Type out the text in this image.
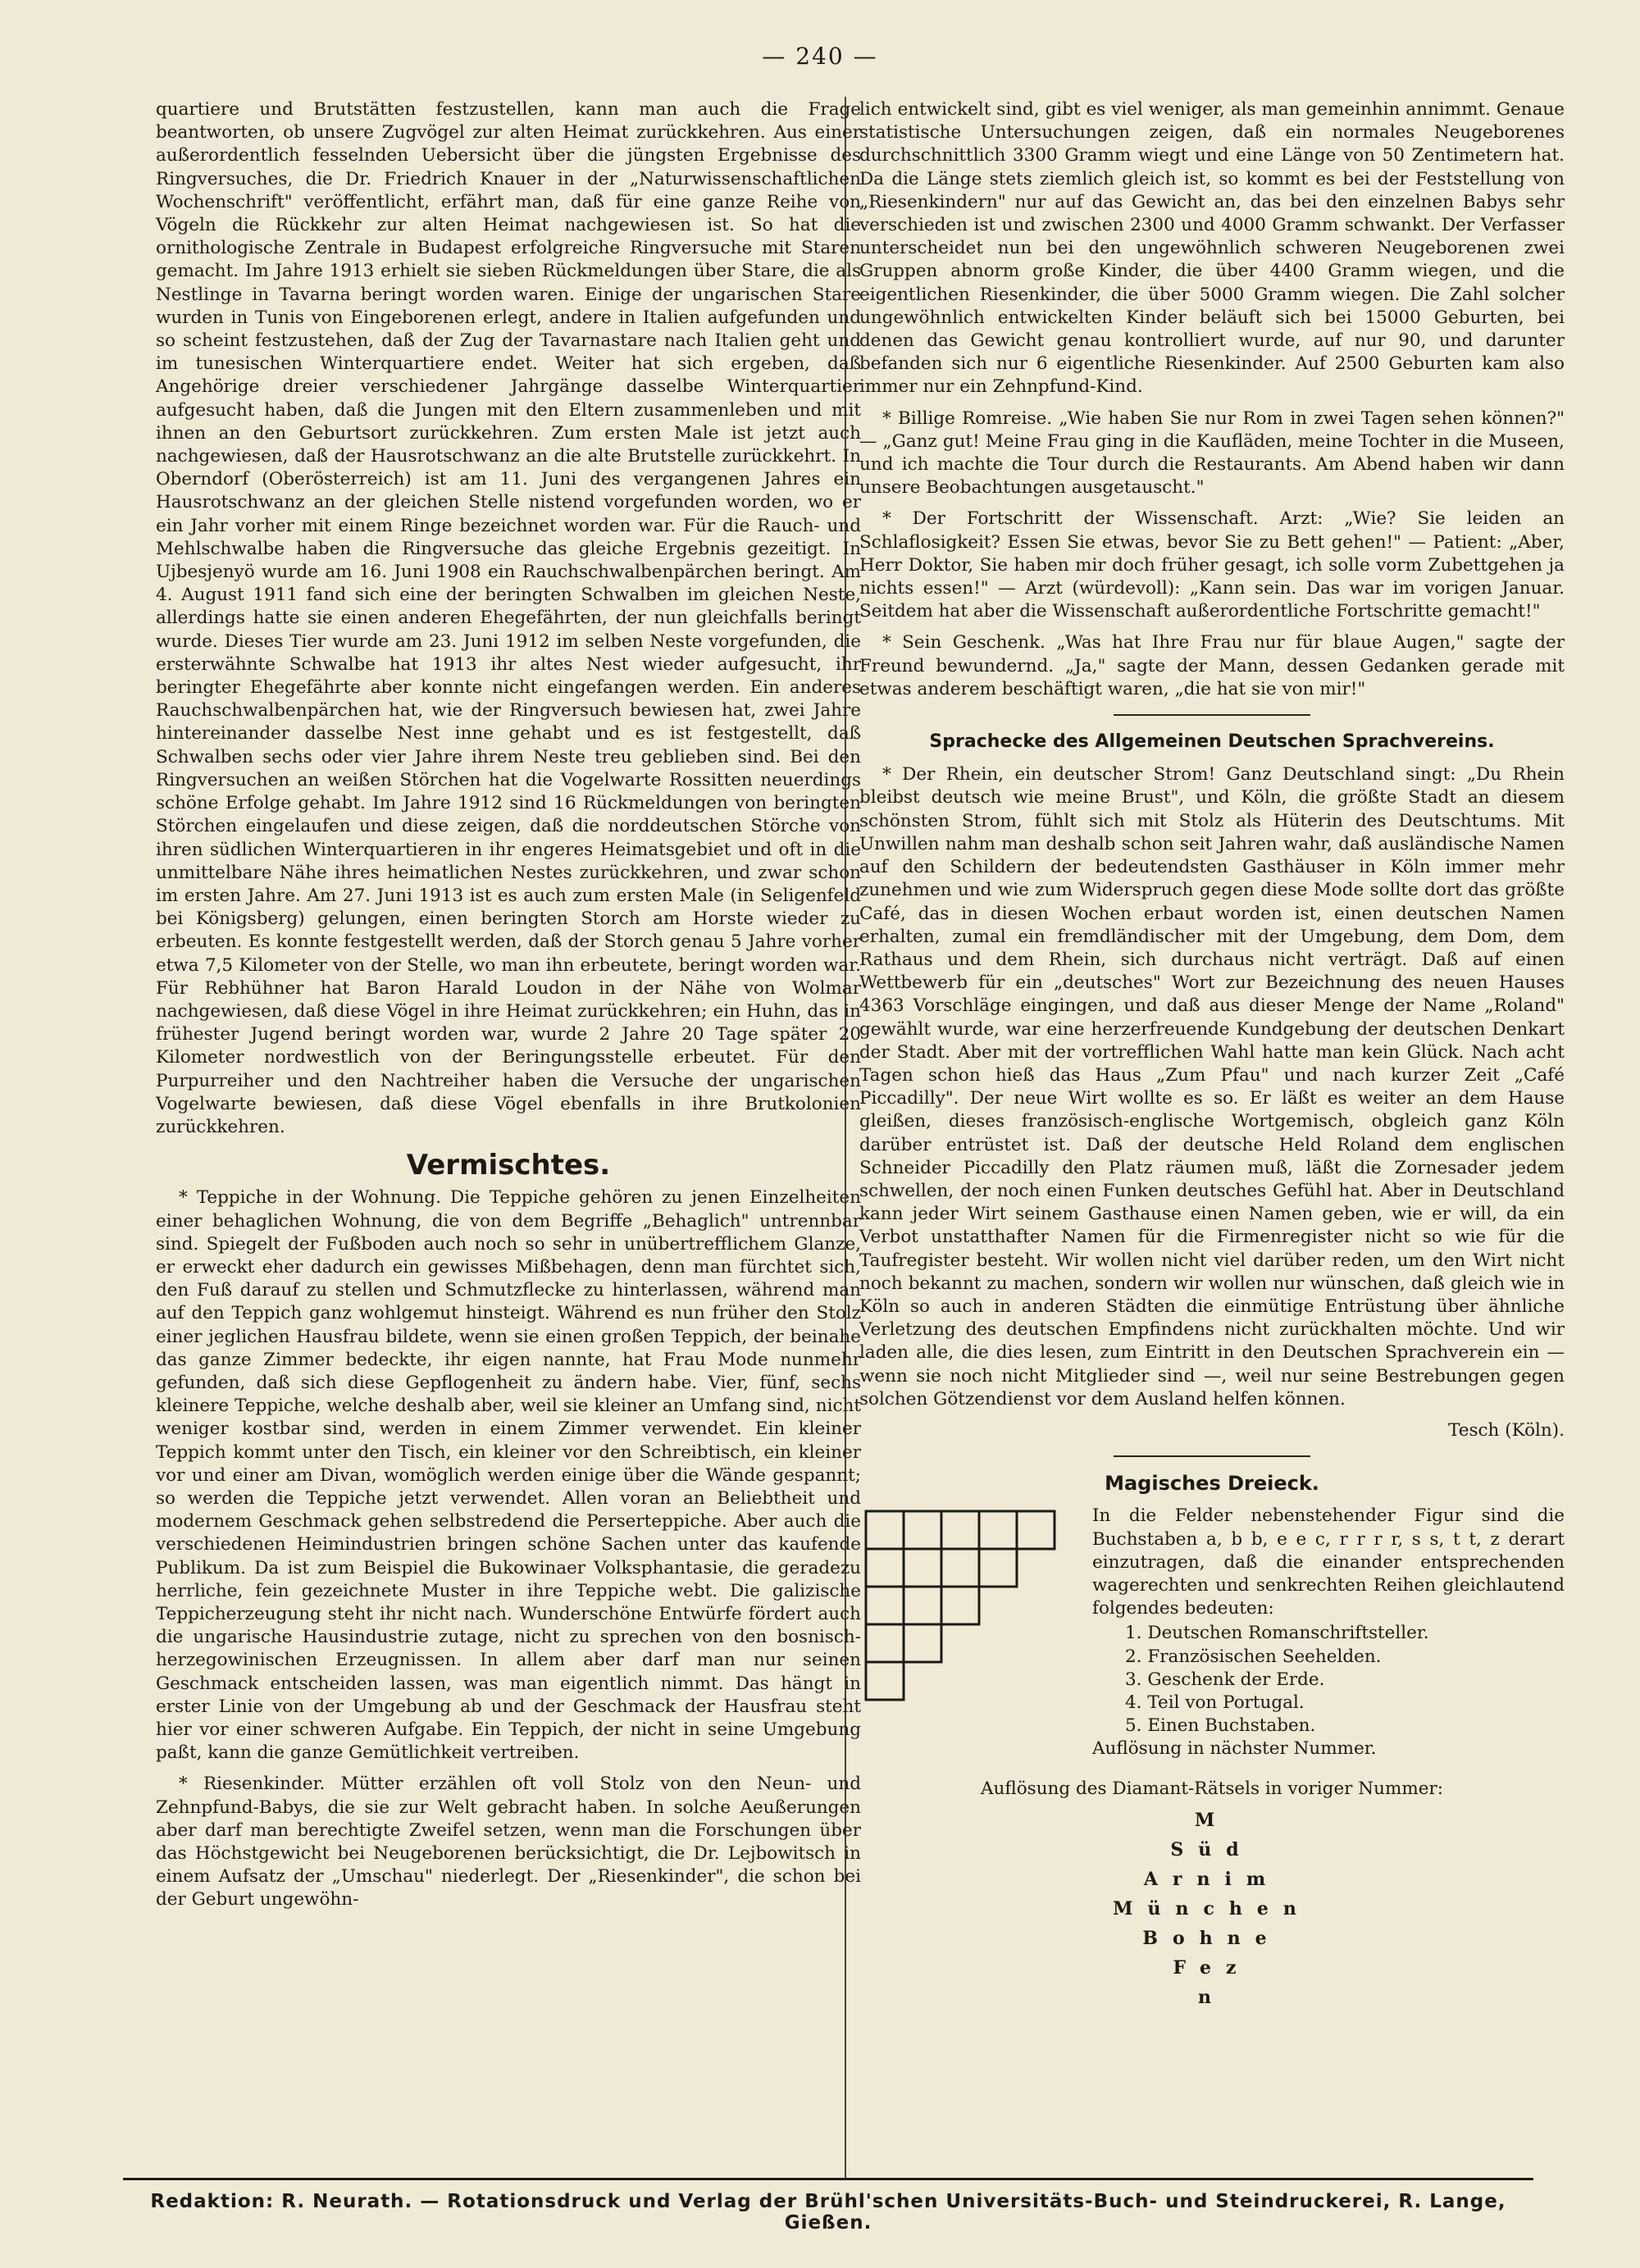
— 240 —

quartiere und Brutstätten festzustellen, kann man auch die Frage beantworten, ob unsere Zugvögel zur alten Heimat zurückkehren. Aus einer außerordentlich fesselnden Uebersicht über die jüngsten Ergebnisse des Ringversuches, die Dr. Friedrich Knauer in der „Naturwissenschaftlichen Wochenschrift" veröffentlicht, erfährt man, daß für eine ganze Reihe von Vögeln die Rückkehr zur alten Heimat nachgewiesen ist. So hat die ornithologische Zentrale in Budapest erfolgreiche Ringversuche mit Staren gemacht. Im Jahre 1913 erhielt sie sieben Rückmeldungen über Stare, die als Nestlinge in Tavarna beringt worden waren. Einige der ungarischen Stare wurden in Tunis von Eingeborenen erlegt, andere in Italien aufgefunden und so scheint festzustehen, daß der Zug der Tavarnastare nach Italien geht und im tunesischen Winterquartiere endet. Weiter hat sich ergeben, daß Angehörige dreier verschiedener Jahrgänge dasselbe Winterquartier aufgesucht haben, daß die Jungen mit den Eltern zusammenleben und mit ihnen an den Geburtsort zurückkehren. Zum ersten Male ist jetzt auch nachgewiesen, daß der Hausrotschwanz an die alte Brutstelle zurückkehrt. In Oberndorf (Oberösterreich) ist am 11. Juni des vergangenen Jahres ein Hausrotschwanz an der gleichen Stelle nistend vorgefunden worden, wo er ein Jahr vorher mit einem Ringe bezeichnet worden war. Für die Rauch- und Mehlschwalbe haben die Ringversuche das gleiche Ergebnis gezeitigt. In Ujbesjenyö wurde am 16. Juni 1908 ein Rauchschwalbenpärchen beringt. Am 4. August 1911 fand sich eine der beringten Schwalben im gleichen Neste, allerdings hatte sie einen anderen Ehegefährten, der nun gleichfalls beringt wurde. Dieses Tier wurde am 23. Juni 1912 im selben Neste vorgefunden, die ersterwähnte Schwalbe hat 1913 ihr altes Nest wieder aufgesucht, ihr beringter Ehegefährte aber konnte nicht eingefangen werden. Ein anderes Rauchschwalbenpärchen hat, wie der Ringversuch bewiesen hat, zwei Jahre hintereinander dasselbe Nest inne gehabt und es ist festgestellt, daß Schwalben sechs oder vier Jahre ihrem Neste treu geblieben sind. Bei den Ringversuchen an weißen Störchen hat die Vogelwarte Rossitten neuerdings schöne Erfolge gehabt. Im Jahre 1912 sind 16 Rückmeldungen von beringten Störchen eingelaufen und diese zeigen, daß die norddeutschen Störche von ihren südlichen Winterquartieren in ihr engeres Heimatsgebiet und oft in die unmittelbare Nähe ihres heimatlichen Nestes zurückkehren, und zwar schon im ersten Jahre. Am 27. Juni 1913 ist es auch zum ersten Male (in Seligenfeld bei Königsberg) gelungen, einen beringten Storch am Horste wieder zu erbeuten. Es konnte festgestellt werden, daß der Storch genau 5 Jahre vorher etwa 7,5 Kilometer von der Stelle, wo man ihn erbeutete, beringt worden war. Für Rebhühner hat Baron Harald Loudon in der Nähe von Wolmar nachgewiesen, daß diese Vögel in ihre Heimat zurückkehren; ein Huhn, das in frühester Jugend beringt worden war, wurde 2 Jahre 20 Tage später 20 Kilometer nordwestlich von der Beringungsstelle erbeutet. Für den Purpurreiher und den Nachtreiher haben die Versuche der ungarischen Vogelwarte bewiesen, daß diese Vögel ebenfalls in ihre Brutkolonien zurückkehren.

Vermischtes.

* Teppiche in der Wohnung. Die Teppiche gehören zu jenen Einzelheiten einer behaglichen Wohnung, die von dem Begriffe „Behaglich" untrennbar sind. Spiegelt der Fußboden auch noch so sehr in unübertrefflichem Glanze, er erweckt eher dadurch ein gewisses Mißbehagen, denn man fürchtet sich, den Fuß darauf zu stellen und Schmutzflecke zu hinterlassen, während man auf den Teppich ganz wohlgemut hinsteigt. Während es nun früher den Stolz einer jeglichen Hausfrau bildete, wenn sie einen großen Teppich, der beinahe das ganze Zimmer bedeckte, ihr eigen nannte, hat Frau Mode nunmehr gefunden, daß sich diese Gepflogenheit zu ändern habe. Vier, fünf, sechs kleinere Teppiche, welche deshalb aber, weil sie kleiner an Umfang sind, nicht weniger kostbar sind, werden in einem Zimmer verwendet. Ein kleiner Teppich kommt unter den Tisch, ein kleiner vor den Schreibtisch, ein kleiner vor und einer am Divan, womöglich werden einige über die Wände gespannt; so werden die Teppiche jetzt verwendet. Allen voran an Beliebtheit und modernem Geschmack gehen selbstredend die Perserteppiche. Aber auch die verschiedenen Heimindustrien bringen schöne Sachen unter das kaufende Publikum. Da ist zum Beispiel die Bukowinaer Volksphantasie, die geradezu herrliche, fein gezeichnete Muster in ihre Teppiche webt. Die galizische Teppicherzeugung steht ihr nicht nach. Wunderschöne Entwürfe fördert auch die ungarische Hausindustrie zutage, nicht zu sprechen von den bosnisch-herzegowinischen Erzeugnissen. In allem aber darf man nur seinen Geschmack entscheiden lassen, was man eigentlich nimmt. Das hängt in erster Linie von der Umgebung ab und der Geschmack der Hausfrau steht hier vor einer schweren Aufgabe. Ein Teppich, der nicht in seine Umgebung paßt, kann die ganze Gemütlichkeit vertreiben.

* Riesenkinder. Mütter erzählen oft voll Stolz von den Neun- und Zehnpfund-Babys, die sie zur Welt gebracht haben. In solche Aeußerungen aber darf man berechtigte Zweifel setzen, wenn man die Forschungen über das Höchstgewicht bei Neugeborenen berücksichtigt, die Dr. Lejbowitsch in einem Aufsatz der „Umschau" niederlegt. Der „Riesenkinder", die schon bei der Geburt ungewöhn-

lich entwickelt sind, gibt es viel weniger, als man gemeinhin annimmt. Genaue statistische Untersuchungen zeigen, daß ein normales Neugeborenes durchschnittlich 3300 Gramm wiegt und eine Länge von 50 Zentimetern hat. Da die Länge stets ziemlich gleich ist, so kommt es bei der Feststellung von „Riesenkindern" nur auf das Gewicht an, das bei den einzelnen Babys sehr verschieden ist und zwischen 2300 und 4000 Gramm schwankt. Der Verfasser unterscheidet nun bei den ungewöhnlich schweren Neugeborenen zwei Gruppen abnorm große Kinder, die über 4400 Gramm wiegen, und die eigentlichen Riesenkinder, die über 5000 Gramm wiegen. Die Zahl solcher ungewöhnlich entwickelten Kinder beläuft sich bei 15000 Geburten, bei denen das Gewicht genau kontrolliert wurde, auf nur 90, und darunter befanden sich nur 6 eigentliche Riesenkinder. Auf 2500 Geburten kam also immer nur ein Zehnpfund-Kind.

* Billige Romreise. „Wie haben Sie nur Rom in zwei Tagen sehen können?" — „Ganz gut! Meine Frau ging in die Kaufläden, meine Tochter in die Museen, und ich machte die Tour durch die Restaurants. Am Abend haben wir dann unsere Beobachtungen ausgetauscht."

* Der Fortschritt der Wissenschaft. Arzt: „Wie? Sie leiden an Schlaflosigkeit? Essen Sie etwas, bevor Sie zu Bett gehen!" — Patient: „Aber, Herr Doktor, Sie haben mir doch früher gesagt, ich solle vorm Zubettgehen ja nichts essen!" — Arzt (würdevoll): „Kann sein. Das war im vorigen Januar. Seitdem hat aber die Wissenschaft außerordentliche Fortschritte gemacht!"

* Sein Geschenk. „Was hat Ihre Frau nur für blaue Augen," sagte der Freund bewundernd. „Ja," sagte der Mann, dessen Gedanken gerade mit etwas anderem beschäftigt waren, „die hat sie von mir!"

Sprachecke des Allgemeinen Deutschen Sprachvereins.

* Der Rhein, ein deutscher Strom! Ganz Deutschland singt: „Du Rhein bleibst deutsch wie meine Brust", und Köln, die größte Stadt an diesem schönsten Strom, fühlt sich mit Stolz als Hüterin des Deutschtums. Mit Unwillen nahm man deshalb schon seit Jahren wahr, daß ausländische Namen auf den Schildern der bedeutendsten Gasthäuser in Köln immer mehr zunehmen und wie zum Widerspruch gegen diese Mode sollte dort das größte Café, das in diesen Wochen erbaut worden ist, einen deutschen Namen erhalten, zumal ein fremdländischer mit der Umgebung, dem Dom, dem Rathaus und dem Rhein, sich durchaus nicht verträgt. Daß auf einen Wettbewerb für ein „deutsches" Wort zur Bezeichnung des neuen Hauses 4363 Vorschläge eingingen, und daß aus dieser Menge der Name „Roland" gewählt wurde, war eine herzerfreuende Kundgebung der deutschen Denkart der Stadt. Aber mit der vortrefflichen Wahl hatte man kein Glück. Nach acht Tagen schon hieß das Haus „Zum Pfau" und nach kurzer Zeit „Café Piccadilly". Der neue Wirt wollte es so. Er läßt es weiter an dem Hause gleißen, dieses französisch-englische Wortgemisch, obgleich ganz Köln darüber entrüstet ist. Daß der deutsche Held Roland dem englischen Schneider Piccadilly den Platz räumen muß, läßt die Zornesader jedem schwellen, der noch einen Funken deutsches Gefühl hat. Aber in Deutschland kann jeder Wirt seinem Gasthause einen Namen geben, wie er will, da ein Verbot unstatthafter Namen für die Firmenregister nicht so wie für die Taufregister besteht. Wir wollen nicht viel darüber reden, um den Wirt nicht noch bekannt zu machen, sondern wir wollen nur wünschen, daß gleich wie in Köln so auch in anderen Städten die einmütige Entrüstung über ähnliche Verletzung des deutschen Empfindens nicht zurückhalten möchte. Und wir laden alle, die dies lesen, zum Eintritt in den Deutschen Sprachverein ein — wenn sie noch nicht Mitglieder sind —, weil nur seine Bestrebungen gegen solchen Götzendienst vor dem Ausland helfen können.

Tesch (Köln).
Magisches Dreieck.

In die Felder nebenstehender Figur sind die Buchstaben a, b b, e e c, r r r r, s s, t t, z derart einzutragen, daß die einander entsprechenden wagerechten und senkrechten Reihen gleichlautend folgendes bedeuten:

1. Deutschen Romanschriftsteller.
2. Französischen Seehelden.
3. Geschenk der Erde.
4. Teil von Portugal.
5. Einen Buchstaben.

Auflösung in nächster Nummer.

Auflösung des Diamant-Rätsels in voriger Nummer:
M
Süd
Arnim
München
Bohne
Fez
n
Redaktion: R. Neurath. — Rotationsdruck und Verlag der Brühl'schen Universitäts-Buch- und Steindruckerei, R. Lange, Gießen.
